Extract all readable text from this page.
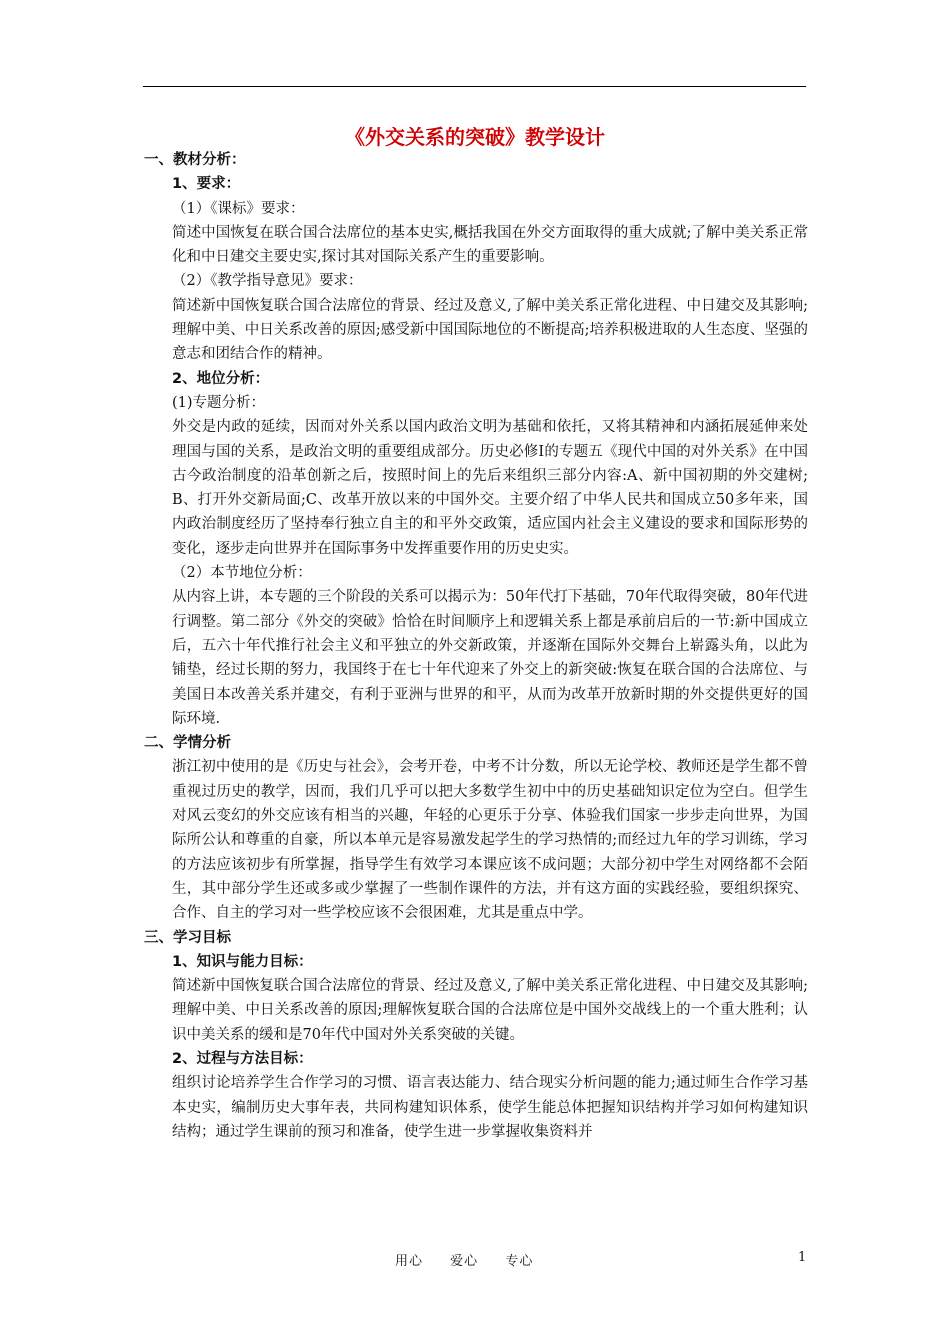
《外交关系的突破》教学设计

一、教材分析：

1、要求：

（1）《课标》要求：

简述中国恢复在联合国合法席位的基本史实,概括我国在外交方面取得的重大成就;了解中美关系正常化和中日建交主要史实,探讨其对国际关系产生的重要影响。

（2）《教学指导意见》要求：

简述新中国恢复联合国合法席位的背景、经过及意义,了解中美关系正常化进程、中日建交及其影响;理解中美、中日关系改善的原因;感受新中国国际地位的不断提高;培养积极进取的人生态度、坚强的意志和团结合作的精神。

2、地位分析：

(1)专题分析：

外交是内政的延续，因而对外关系以国内政治文明为基础和依托，又将其精神和内涵拓展延伸来处理国与国的关系，是政治文明的重要组成部分。历史必修Ⅰ的专题五《现代中国的对外关系》在中国古今政治制度的沿革创新之后，按照时间上的先后来组织三部分内容:A、新中国初期的外交建树;B、打开外交新局面;C、改革开放以来的中国外交。主要介绍了中华人民共和国成立50多年来，国内政治制度经历了坚持奉行独立自主的和平外交政策，适应国内社会主义建设的要求和国际形势的变化，逐步走向世界并在国际事务中发挥重要作用的历史史实。

（2）本节地位分析：

从内容上讲，本专题的三个阶段的关系可以揭示为：50年代打下基础，70年代取得突破，80年代进行调整。第二部分《外交的突破》恰恰在时间顺序上和逻辑关系上都是承前启后的一节:新中国成立后，五六十年代推行社会主义和平独立的外交新政策，并逐渐在国际外交舞台上崭露头角，以此为铺垫，经过长期的努力，我国终于在七十年代迎来了外交上的新突破:恢复在联合国的合法席位、与美国日本改善关系并建交，有利于亚洲与世界的和平，从而为改革开放新时期的外交提供更好的国际环境.

二、学情分析

浙江初中使用的是《历史与社会》，会考开卷，中考不计分数，所以无论学校、教师还是学生都不曾重视过历史的教学，因而，我们几乎可以把大多数学生初中中的历史基础知识定位为空白。但学生对风云变幻的外交应该有相当的兴趣，年轻的心更乐于分享、体验我们国家一步步走向世界，为国际所公认和尊重的自豪，所以本单元是容易激发起学生的学习热情的;而经过九年的学习训练，学习的方法应该初步有所掌握，指导学生有效学习本课应该不成问题；大部分初中学生对网络都不会陌生，其中部分学生还或多或少掌握了一些制作课件的方法，并有这方面的实践经验，要组织探究、合作、自主的学习对一些学校应该不会很困难，尤其是重点中学。

三、学习目标

1、知识与能力目标：

简述新中国恢复联合国合法席位的背景、经过及意义,了解中美关系正常化进程、中日建交及其影响;理解中美、中日关系改善的原因;理解恢复联合国的合法席位是中国外交战线上的一个重大胜利；认识中美关系的缓和是70年代中国对外关系突破的关键。

2、过程与方法目标：

组织讨论培养学生合作学习的习惯、语言表达能力、结合现实分析问题的能力;通过师生合作学习基本史实，编制历史大事年表，共同构建知识体系，使学生能总体把握知识结构并学习如何构建知识结构；通过学生课前的预习和准备，使学生进一步掌握收集资料并

用心 爱心 专心	1
